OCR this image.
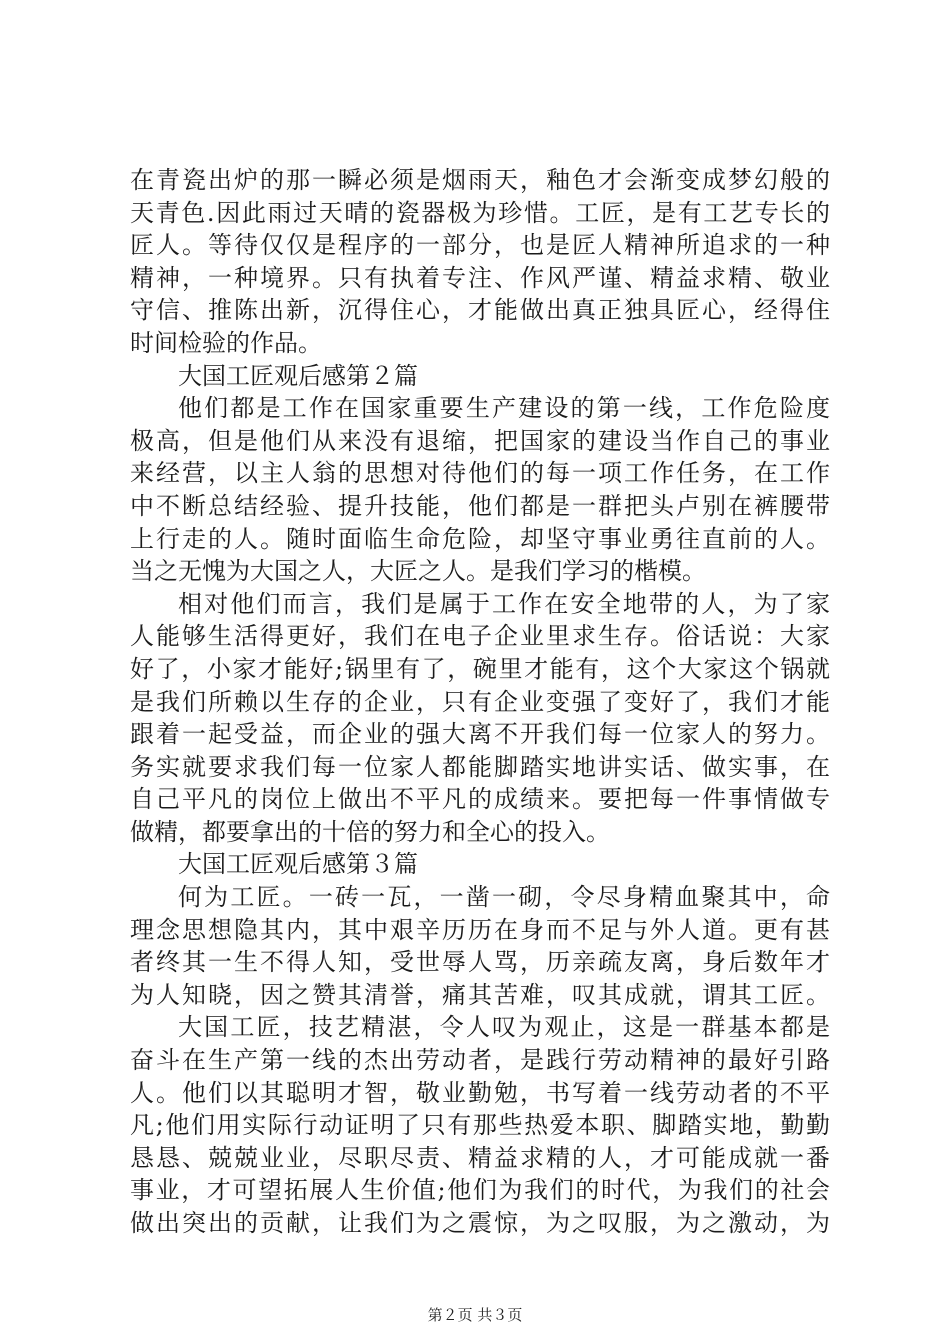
在青瓷出炉的那一瞬必须是烟雨天，釉色才会渐变成梦幻般的
天青色.因此雨过天晴的瓷器极为珍惜。工匠，是有工艺专长的
匠人。等待仅仅是程序的一部分，也是匠人精神所追求的一种
精神，一种境界。只有执着专注、作风严谨、精益求精、敬业
守信、推陈出新，沉得住心，才能做出真正独具匠心，经得住
时间检验的作品。
大国工匠观后感第２篇
他们都是工作在国家重要生产建设的第一线，工作危险度
极高，但是他们从来没有退缩，把国家的建设当作自己的事业
来经营，以主人翁的思想对待他们的每一项工作任务，在工作
中不断总结经验、提升技能，他们都是一群把头卢别在裤腰带
上行走的人。随时面临生命危险，却坚守事业勇往直前的人。
当之无愧为大国之人，大匠之人。是我们学习的楷模。
相对他们而言，我们是属于工作在安全地带的人，为了家
人能够生活得更好，我们在电子企业里求生存。俗话说：大家
好了，小家才能好;锅里有了，碗里才能有，这个大家这个锅就
是我们所赖以生存的企业，只有企业变强了变好了，我们才能
跟着一起受益，而企业的强大离不开我们每一位家人的努力。
务实就要求我们每一位家人都能脚踏实地讲实话、做实事，在
自己平凡的岗位上做出不平凡的成绩来。要把每一件事情做专
做精，都要拿出的十倍的努力和全心的投入。
大国工匠观后感第３篇
何为工匠。一砖一瓦，一凿一砌，令尽身精血聚其中，命
理念思想隐其内，其中艰辛历历在身而不足与外人道。更有甚
者终其一生不得人知，受世辱人骂，历亲疏友离，身后数年才
为人知晓，因之赞其清誉，痛其苦难，叹其成就，谓其工匠。
大国工匠，技艺精湛，令人叹为观止，这是一群基本都是
奋斗在生产第一线的杰出劳动者，是践行劳动精神的最好引路
人。他们以其聪明才智，敬业勤勉，书写着一线劳动者的不平
凡;他们用实际行动证明了只有那些热爱本职、脚踏实地，勤勤
恳恳、兢兢业业，尽职尽责、精益求精的人，才可能成就一番
事业，才可望拓展人生价值;他们为我们的时代，为我们的社会
做出突出的贡献，让我们为之震惊，为之叹服，为之激动，为
第２页 共３页
